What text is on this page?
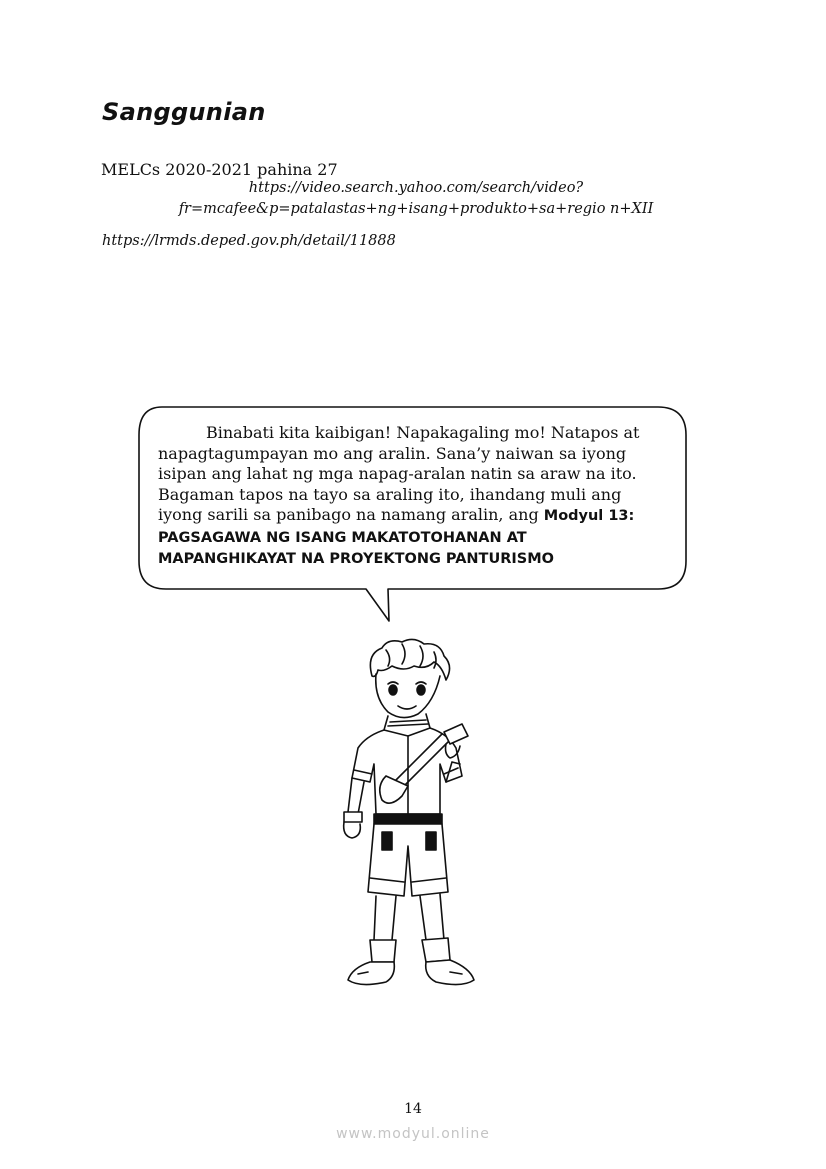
Sanggunian
MELCs 2020-2021 pahina 27
https://video.search.yahoo.com/search/video?fr=mcafee&p=patalastas+ng+isang+produkto+sa+regio n+XII
https://lrmds.deped.gov.ph/detail/11888
Binabati kita kaibigan! Napakagaling mo! Natapos at napagtagumpayan mo ang aralin. Sana’y naiwan sa iyong isipan ang lahat ng mga napag-aralan natin sa araw na ito. Bagaman tapos na tayo sa araling ito, ihandang muli ang iyong sarili sa panibago na namang aralin, ang Modyul 13:
PAGSAGAWA NG ISANG MAKATOTOHANAN AT MAPANGHIKAYAT NA PROYEKTONG PANTURISMO
14
www.modyul.online
